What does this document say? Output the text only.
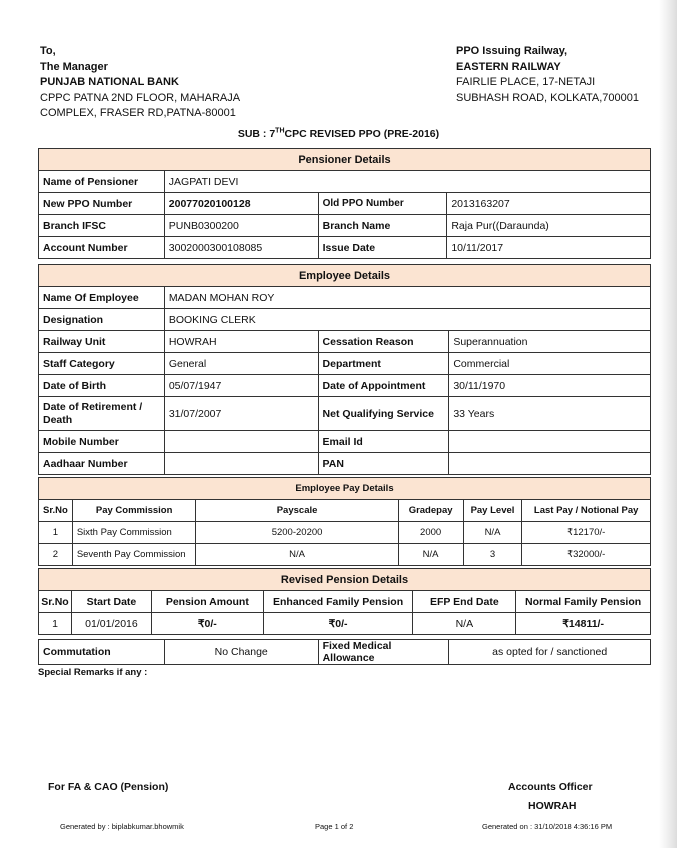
To,
The Manager
PUNJAB NATIONAL BANK
CPPC PATNA 2ND FLOOR, MAHARAJA
COMPLEX, FRASER RD,PATNA-80001
PPO Issuing Railway,
EASTERN RAILWAY
FAIRLIE PLACE, 17-NETAJI
SUBHASH ROAD, KOLKATA,700001
SUB : 7THCPC REVISED PPO (PRE-2016)
Pensioner Details			
Name of Pensioner	JAGPATI DEVI		
New PPO Number	20077020100128	Old PPO Number	2013163207
Branch IFSC	PUNB0300200	Branch Name	Raja Pur((Daraunda)
Account Number	3002000300108085	Issue Date	10/11/2017
Employee Details			
Name Of Employee	MADAN MOHAN ROY		
Designation	BOOKING CLERK		
Railway Unit	HOWRAH	Cessation Reason	Superannuation
Staff Category	General	Department	Commercial
Date of Birth	05/07/1947	Date of Appointment	30/11/1970
Date of Retirement /
Death	31/07/2007	Net Qualifying Service	33 Years
Mobile Number		Email Id	
Aadhaar Number		PAN	
Employee Pay Details					
Sr.No	Pay Commission	Payscale	Gradepay	Pay Level	Last Pay / Notional Pay
1	Sixth Pay Commission	5200-20200	2000	N/A	₹12170/-
2	Seventh Pay Commission	N/A	N/A	3	₹32000/-
Revised Pension Details					
Sr.No	Start Date	Pension Amount	Enhanced Family Pension	EFP End Date	Normal Family Pension
1	01/01/2016	₹0/-	₹0/-	N/A	₹14811/-
Commutation	No Change	Fixed Medical Allowance	as opted for / sanctioned
Special Remarks if any :
For FA & CAO (Pension)	Accounts Officer
HOWRAH
Generated by : biplabkumar.bhowmik	Page 1 of 2	Generated on : 31/10/2018 4:36:16 PM
